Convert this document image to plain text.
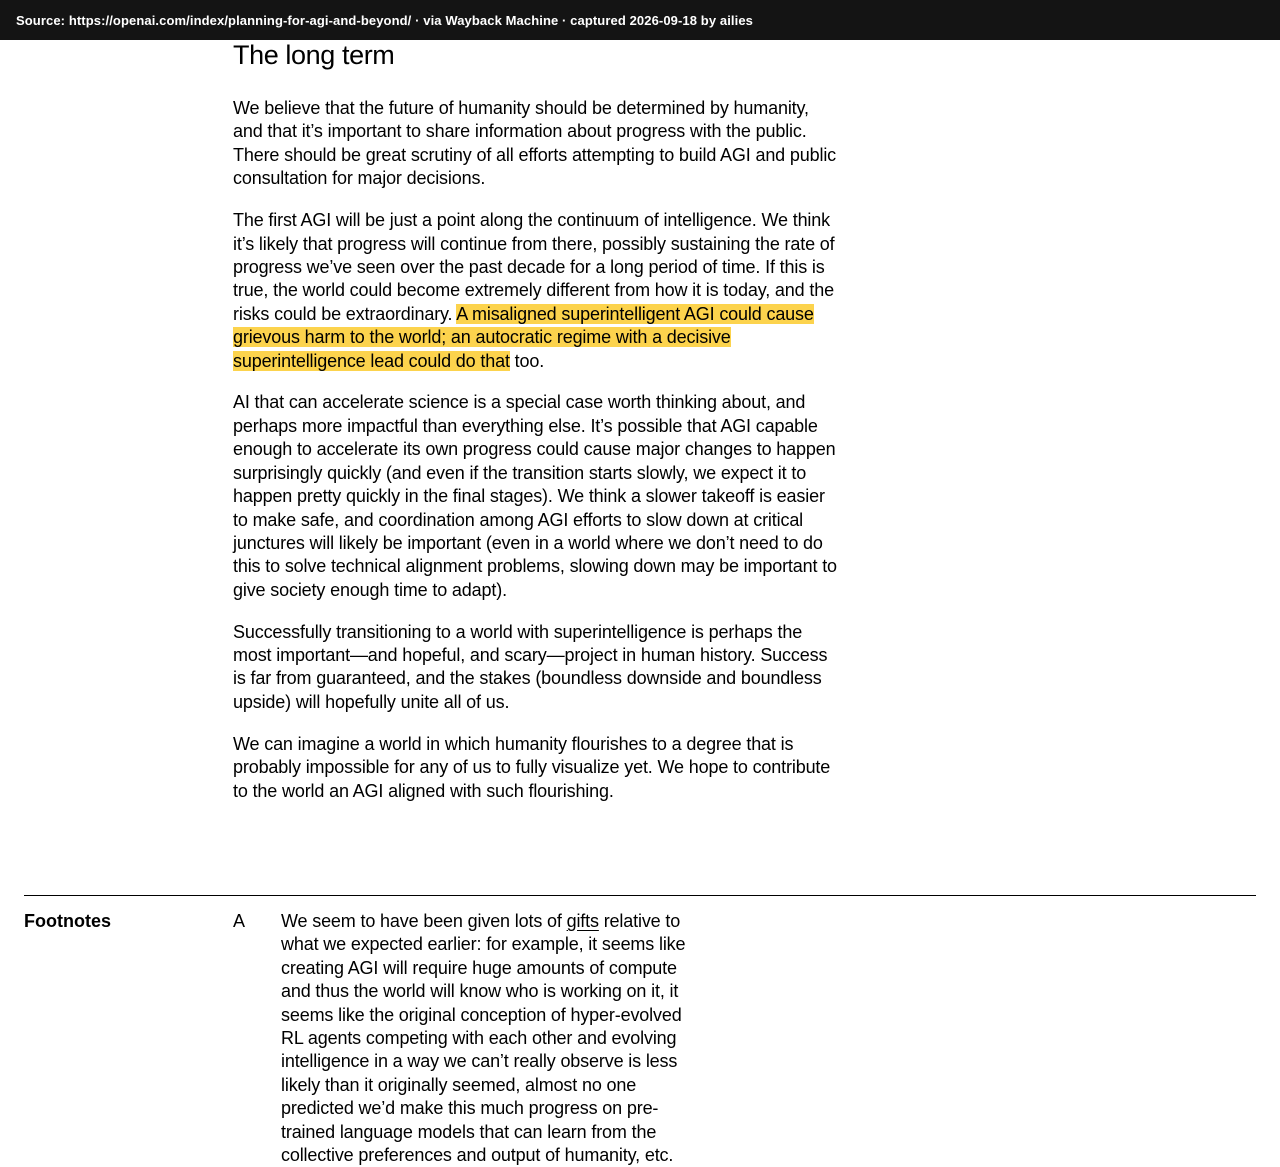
Source: https://openai.com/index/planning-for-agi-and-beyond/ · via Wayback Machine · captured 2026-09-18 by ailies
The long term

We believe that the future of humanity should be determined by humanity, and that it’s important to share information about progress with the public. There should be great scrutiny of all efforts attempting to build AGI and public consultation for major decisions.

The first AGI will be just a point along the continuum of intelligence. We think it’s likely that progress will continue from there, possibly sustaining the rate of progress we’ve seen over the past decade for a long period of time. If this is true, the world could become extremely different from how it is today, and the risks could be extraordinary. A misaligned superintelligent AGI could cause grievous harm to the world; an autocratic regime with a decisive superintelligence lead could do that too.

AI that can accelerate science is a special case worth thinking about, and perhaps more impactful than everything else. It’s possible that AGI capable enough to accelerate its own progress could cause major changes to happen surprisingly quickly (and even if the transition starts slowly, we expect it to happen pretty quickly in the final stages). We think a slower takeoff is easier to make safe, and coordination among AGI efforts to slow down at critical junctures will likely be important (even in a world where we don’t need to do this to solve technical alignment problems, slowing down may be important to give society enough time to adapt).

Successfully transitioning to a world with superintelligence is perhaps the most important—and hopeful, and scary—project in human history. Success is far from guaranteed, and the stakes (boundless downside and boundless upside) will hopefully unite all of us.

We can imagine a world in which humanity flourishes to a degree that is probably impossible for any of us to fully visualize yet. We hope to contribute to the world an AGI aligned with such flourishing.

Footnotes	A We seem to have been given lots of gifts relative to what we expected earlier: for example, it seems like creating AGI will require huge amounts of compute and thus the world will know who is working on it, it seems like the original conception of hyper-evolved RL agents competing with each other and evolving intelligence in a way we can’t really observe is less likely than it originally seemed, almost no one predicted we’d make this much progress on pre-trained language models that can learn from the collective preferences and output of humanity, etc.
